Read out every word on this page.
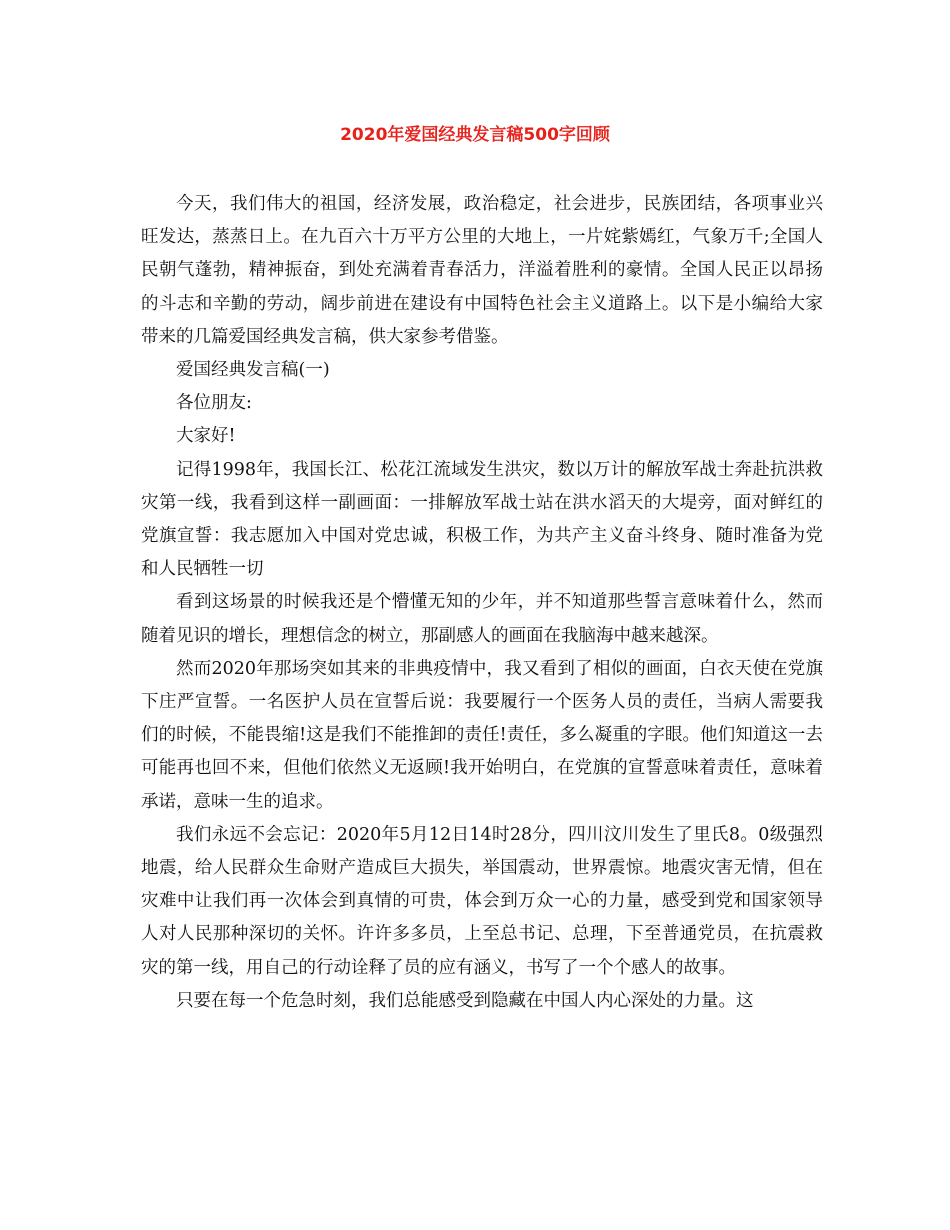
2020年爱国经典发言稿500字回顾

今天，我们伟大的祖国，经济发展，政治稳定，社会进步，民族团结，各项事业兴旺发达，蒸蒸日上。在九百六十万平方公里的大地上，一片姹紫嫣红，气象万千;全国人民朝气蓬勃，精神振奋，到处充满着青春活力，洋溢着胜利的豪情。全国人民正以昂扬的斗志和辛勤的劳动，阔步前进在建设有中国特色社会主义道路上。以下是小编给大家带来的几篇爱国经典发言稿，供大家参考借鉴。

爱国经典发言稿(一)

各位朋友:

大家好!

记得1998年，我国长江、松花江流域发生洪灾，数以万计的解放军战士奔赴抗洪救灾第一线，我看到这样一副画面：一排解放军战士站在洪水滔天的大堤旁，面对鲜红的党旗宣誓：我志愿加入中国对党忠诚，积极工作，为共产主义奋斗终身、随时准备为党和人民牺牲一切

看到这场景的时候我还是个懵懂无知的少年，并不知道那些誓言意味着什么，然而随着见识的增长，理想信念的树立，那副感人的画面在我脑海中越来越深。

然而2020年那场突如其来的非典疫情中，我又看到了相似的画面，白衣天使在党旗下庄严宣誓。一名医护人员在宣誓后说：我要履行一个医务人员的责任，当病人需要我们的时候，不能畏缩!这是我们不能推卸的责任!责任，多么凝重的字眼。他们知道这一去可能再也回不来，但他们依然义无返顾!我开始明白，在党旗的宣誓意味着责任，意味着承诺，意味一生的追求。

我们永远不会忘记：2020年5月12日14时28分，四川汶川发生了里氏8。0级强烈地震，给人民群众生命财产造成巨大损失，举国震动，世界震惊。地震灾害无情，但在灾难中让我们再一次体会到真情的可贵，体会到万众一心的力量，感受到党和国家领导人对人民那种深切的关怀。许许多多员，上至总书记、总理，下至普通党员，在抗震救灾的第一线，用自己的行动诠释了员的应有涵义，书写了一个个感人的故事。

只要在每一个危急时刻，我们总能感受到隐藏在中国人内心深处的力量。这
